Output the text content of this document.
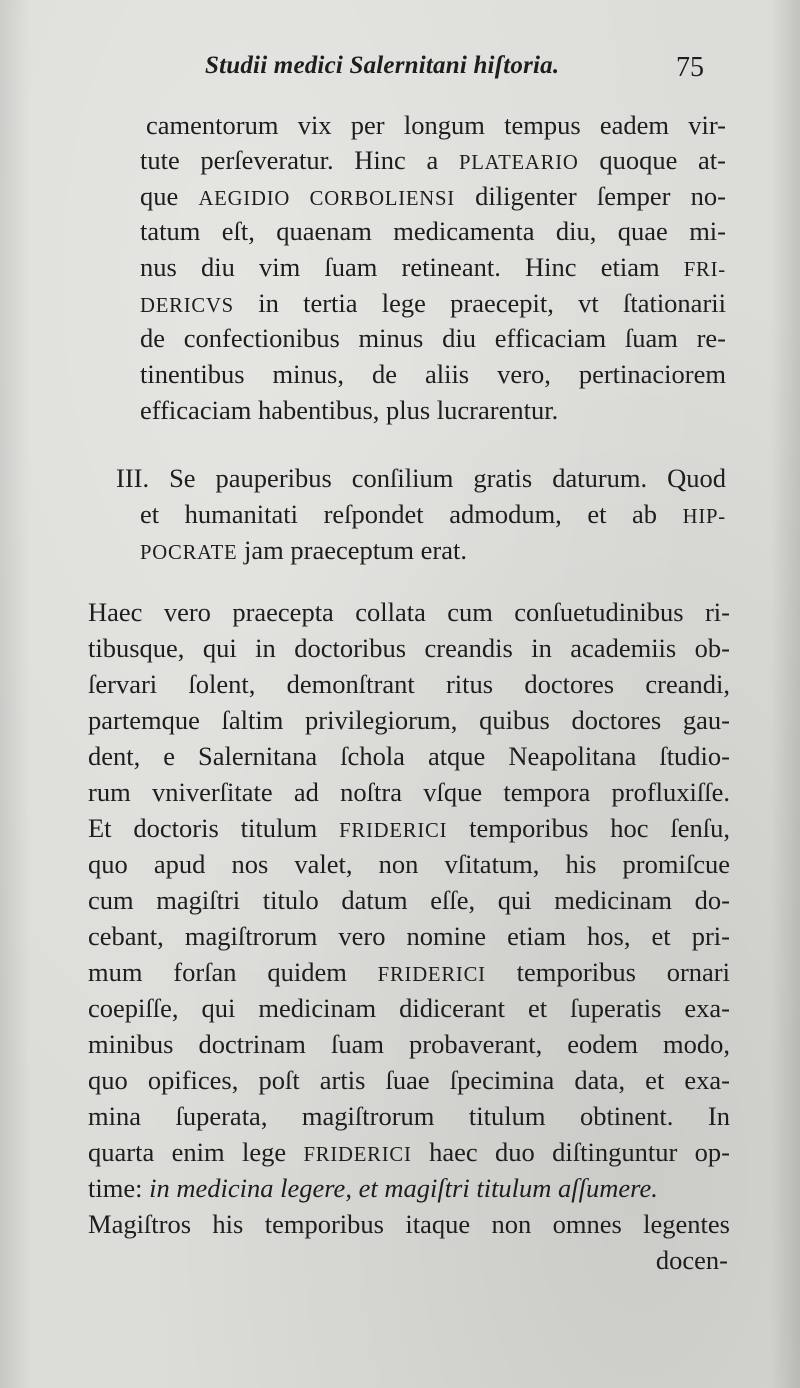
Studii medici Salernitani hiſtoria.	75
camentorum vix per longum tempus eadem vir-
tute perſeveratur. Hinc a PLATEARIO quoque at-
que AEGIDIO CORBOLIENSI diligenter ſemper no-
tatum eſt, quaenam medicamenta diu, quae mi-
nus diu vim ſuam retineant. Hinc etiam FRI-
DERICVS in tertia lege praecepit, vt ſtationarii
de confectionibus minus diu efficaciam ſuam re-
tinentibus minus, de aliis vero, pertinaciorem
efficaciam habentibus, plus lucrarentur.
III. Se pauperibus conſilium gratis daturum. Quod
et humanitati reſpondet admodum, et ab HIP-
POCRATE jam praeceptum erat.
Haec vero praecepta collata cum conſuetudinibus ri-
tibusque, qui in doctoribus creandis in academiis ob-
ſervari ſolent, demonſtrant ritus doctores creandi,
partemque ſaltim privilegiorum, quibus doctores gau-
dent, e Salernitana ſchola atque Neapolitana ſtudio-
rum vniverſitate ad noſtra vſque tempora profluxiſſe.
Et doctoris titulum FRIDERICI temporibus hoc ſenſu,
quo apud nos valet, non vſitatum, his promiſcue
cum magiſtri titulo datum eſſe, qui medicinam do-
cebant, magiſtrorum vero nomine etiam hos, et pri-
mum forſan quidem FRIDERICI temporibus ornari
coepiſſe, qui medicinam didicerant et ſuperatis exa-
minibus doctrinam ſuam probaverant, eodem modo,
quo opifices, poſt artis ſuae ſpecimina data, et exa-
mina ſuperata, magiſtrorum titulum obtinent. In
quarta enim lege FRIDERICI haec duo diſtinguntur op-
time: in medicina legere, et magiſtri titulum aſſumere.
Magiſtros his temporibus itaque non omnes legentes
docen-
